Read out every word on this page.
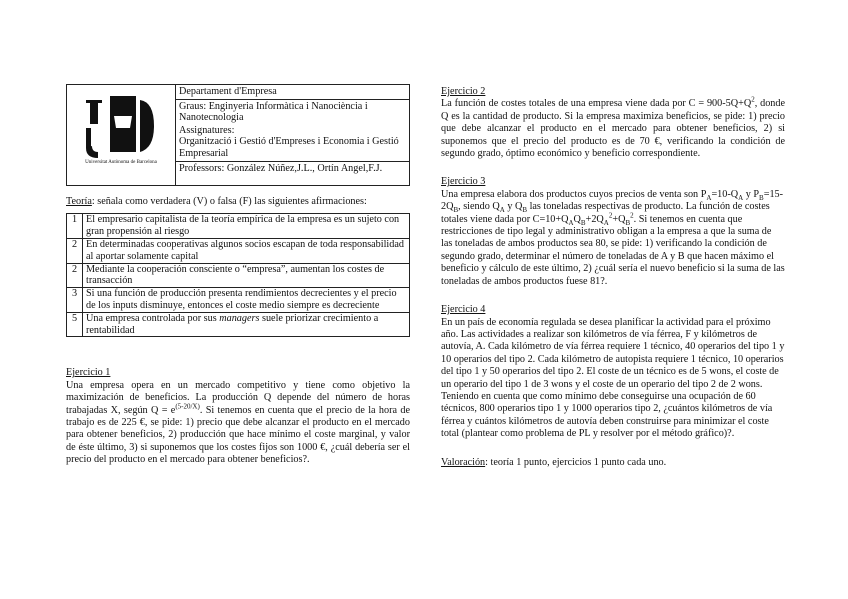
Universitat Autònoma de Barcelona

Departament d'Empresa
Graus: Enginyeria Informàtica i Nanociència i Nanotecnologia
Assignatures:
Organització i Gestió d'Empreses i Economia i Gestió Empresarial
Professors: González Núñez,J.L., Ortín Angel,F.J.
Teoría: señala como verdadera (V) o falsa (F) las siguientes afirmaciones:
1	El empresario capitalista de la teoría empírica de la empresa es un sujeto con gran propensión al riesgo
2	En determinadas cooperativas algunos socios escapan de toda responsabilidad al aportar solamente capital
2	Mediante la cooperación consciente o “empresa”, aumentan los costes de transacción
3	Si una función de producción presenta rendimientos decrecientes y el precio de los inputs disminuye, entonces el coste medio siempre es decreciente
5	Una empresa controlada por sus managers suele priorizar crecimiento a rentabilidad
Ejercicio 1

Una empresa opera en un mercado competitivo y tiene como objetivo la maximización de beneficios. La producción Q depende del número de horas trabajadas X, según $Q = e^{(5-20/X)}$. Si tenemos en cuenta que el precio de la hora de trabajo es de 225 €, se pide: 1) precio que debe alcanzar el producto en el mercado para obtener beneficios, 2) producción que hace mínimo el coste marginal, y valor de éste último, 3) si suponemos que los costes fijos son 1000 €, ¿cuál debería ser el precio del producto en el mercado para obtener beneficios?.

Ejercicio 2

La función de costes totales de una empresa viene dada por $C = 900-5Q+Q^2$, donde Q es la cantidad de producto. Si la empresa maximiza beneficios, se pide: 1) precio que debe alcanzar el producto en el mercado para obtener beneficios, 2) si suponemos que el precio del producto es de 70 €, verificando la condición de segundo grado, óptimo económico y beneficio correspondiente.

Ejercicio 3

Una empresa elabora dos productos cuyos precios de venta son $P_A=10-Q_A$ y $P_B=15-2Q_B$, siendo $Q_A$ y $Q_B$ las toneladas respectivas de producto. La función de costes totales viene dada por $C=10+Q_AQ_B+2Q_A^2+Q_B^2$. Si tenemos en cuenta que restricciones de tipo legal y administrativo obligan a la empresa a que la suma de las toneladas de ambos productos sea 80, se pide: 1) verificando la condición de segundo grado, determinar el número de toneladas de A y B que hacen máximo el beneficio y cálculo de este último, 2) ¿cuál sería el nuevo beneficio si la suma de las toneladas de ambos productos fuese 81?.

Ejercicio 4

En un país de economía regulada se desea planificar la actividad para el próximo año. Las actividades a realizar son kilómetros de vía férrea, F y kilómetros de autovía, A. Cada kilómetro de vía férrea requiere 1 técnico, 40 operarios del tipo 1 y 10 operarios del tipo 2. Cada kilómetro de autopista requiere 1 técnico, 10 operarios del tipo 1 y 50 operarios del tipo 2. El coste de un técnico es de 5 wons, el coste de un operario del tipo 1 de 3 wons y el coste de un operario del tipo 2 de 2 wons. Teniendo en cuenta que como mínimo debe conseguirse una ocupación de 60 técnicos, 800 operarios tipo 1 y 1000 operarios tipo 2, ¿cuántos kilómetros de vía férrea y cuántos kilómetros de autovía deben construirse para minimizar el coste total (plantear como problema de PL y resolver por el método gráfico)?.

Valoración: teoría 1 punto, ejercicios 1 punto cada uno.
